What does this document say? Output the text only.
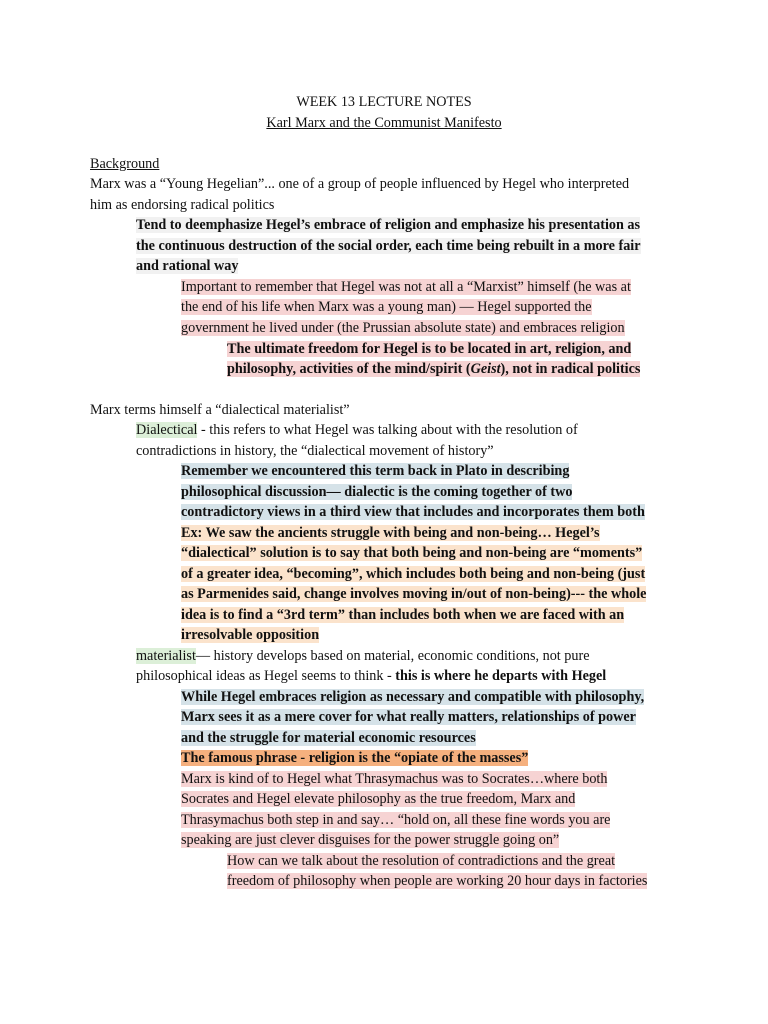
WEEK 13 LECTURE NOTES
Karl Marx and the Communist Manifesto
Background
Marx was a “Young Hegelian”... one of a group of people influenced by Hegel who interpreted
him as endorsing radical politics
Tend to deemphasize Hegel’s embrace of religion and emphasize his presentation as
the continuous destruction of the social order, each time being rebuilt in a more fair
and rational way
Important to remember that Hegel was not at all a “Marxist” himself (he was at
the end of his life when Marx was a young man) — Hegel supported the
government he lived under (the Prussian absolute state) and embraces religion
The ultimate freedom for Hegel is to be located in art, religion, and
philosophy, activities of the mind/spirit (Geist), not in radical politics
Marx terms himself a “dialectical materialist”
Dialectical - this refers to what Hegel was talking about with the resolution of
contradictions in history, the “dialectical movement of history”
Remember we encountered this term back in Plato in describing
philosophical discussion— dialectic is the coming together of two
contradictory views in a third view that includes and incorporates them both
Ex: We saw the ancients struggle with being and non-being… Hegel’s
“dialectical” solution is to say that both being and non-being are “moments”
of a greater idea, “becoming”, which includes both being and non-being (just
as Parmenides said, change involves moving in/out of non-being)--- the whole
idea is to find a “3rd term” than includes both when we are faced with an
irresolvable opposition
materialist— history develops based on material, economic conditions, not pure
philosophical ideas as Hegel seems to think - this is where he departs with Hegel
While Hegel embraces religion as necessary and compatible with philosophy,
Marx sees it as a mere cover for what really matters, relationships of power
and the struggle for material economic resources
The famous phrase - religion is the “opiate of the masses”
Marx is kind of to Hegel what Thrasymachus was to Socrates…where both
Socrates and Hegel elevate philosophy as the true freedom, Marx and
Thrasymachus both step in and say… “hold on, all these fine words you are
speaking are just clever disguises for the power struggle going on”
How can we talk about the resolution of contradictions and the great
freedom of philosophy when people are working 20 hour days in factories
